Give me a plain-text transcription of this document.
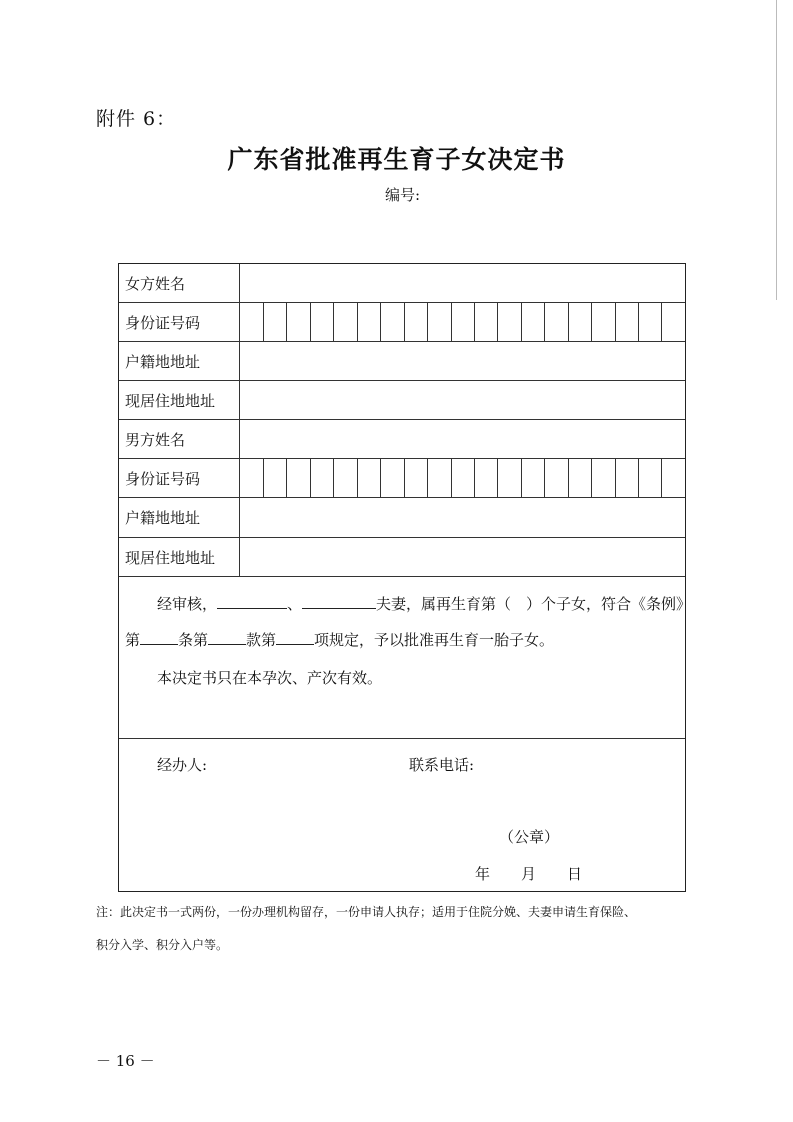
附件 6：
广东省批准再生育子女决定书
编号:
女方姓名
身份证号码
户籍地地址
现居住地地址
男方姓名
身份证号码
户籍地地址
现居住地地址
经审核，	、	夫妻，属再生育第（　）个子女，符合《条例》
第	条第	款第	项规定，予以批准再生育一胎子女。
本决定书只在本孕次、产次有效。
经办人:	联系电话:
（公章）
年 月 日
注：此决定书一式两份，一份办理机构留存，一份申请人执存；适用于住院分娩、夫妻申请生育保险、
积分入学、积分入户等。
－ 16 －
